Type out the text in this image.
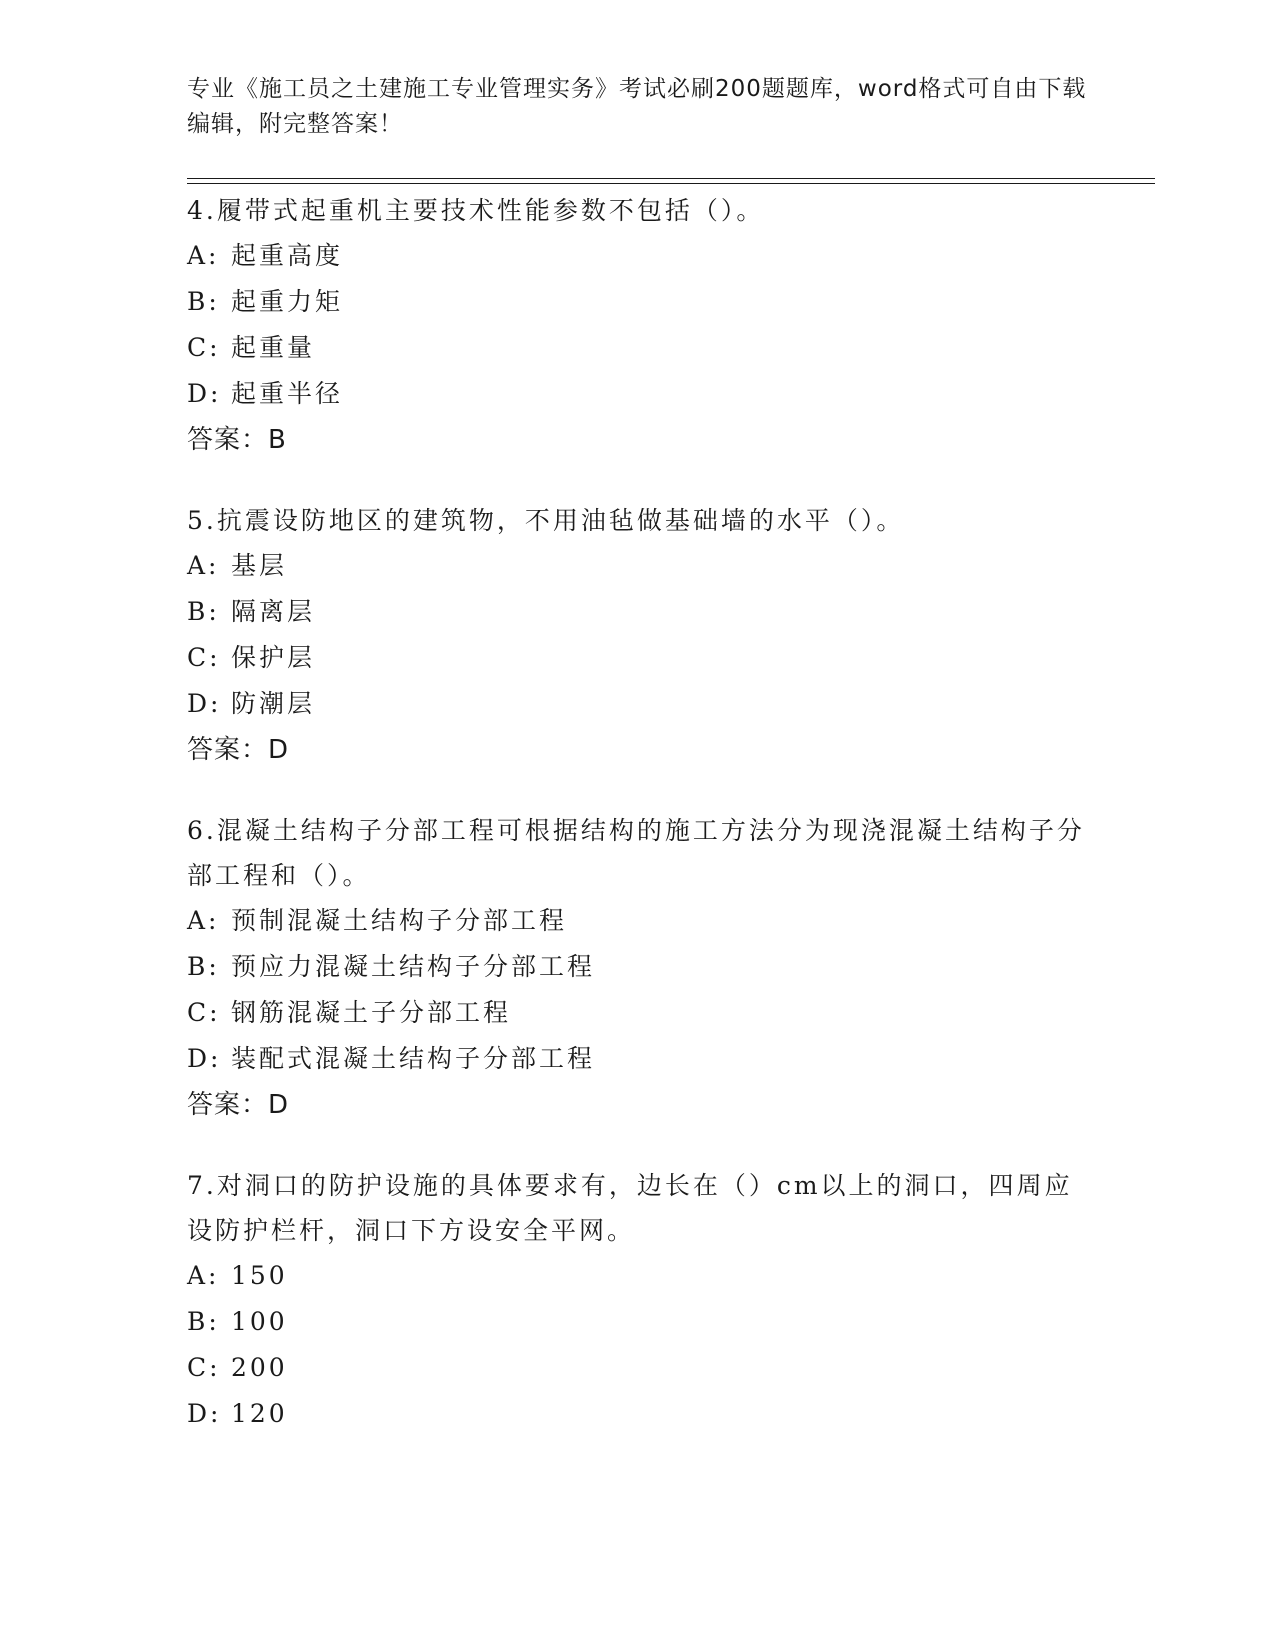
专业《施工员之土建施工专业管理实务》考试必刷200题题库，word格式可自由下载编辑，附完整答案！
4.履带式起重机主要技术性能参数不包括（）。
A: 起重高度
B: 起重力矩
C: 起重量
D: 起重半径
答案：B
5.抗震设防地区的建筑物，不用油毡做基础墙的水平（）。
A: 基层
B: 隔离层
C: 保护层
D: 防潮层
答案：D
6.混凝土结构子分部工程可根据结构的施工方法分为现浇混凝土结构子分部工程和（）。
A: 预制混凝土结构子分部工程
B: 预应力混凝土结构子分部工程
C: 钢筋混凝土子分部工程
D: 装配式混凝土结构子分部工程
答案：D
7.对洞口的防护设施的具体要求有，边长在（）cm以上的洞口，四周应设防护栏杆，洞口下方设安全平网。
A: 150
B: 100
C: 200
D: 120
